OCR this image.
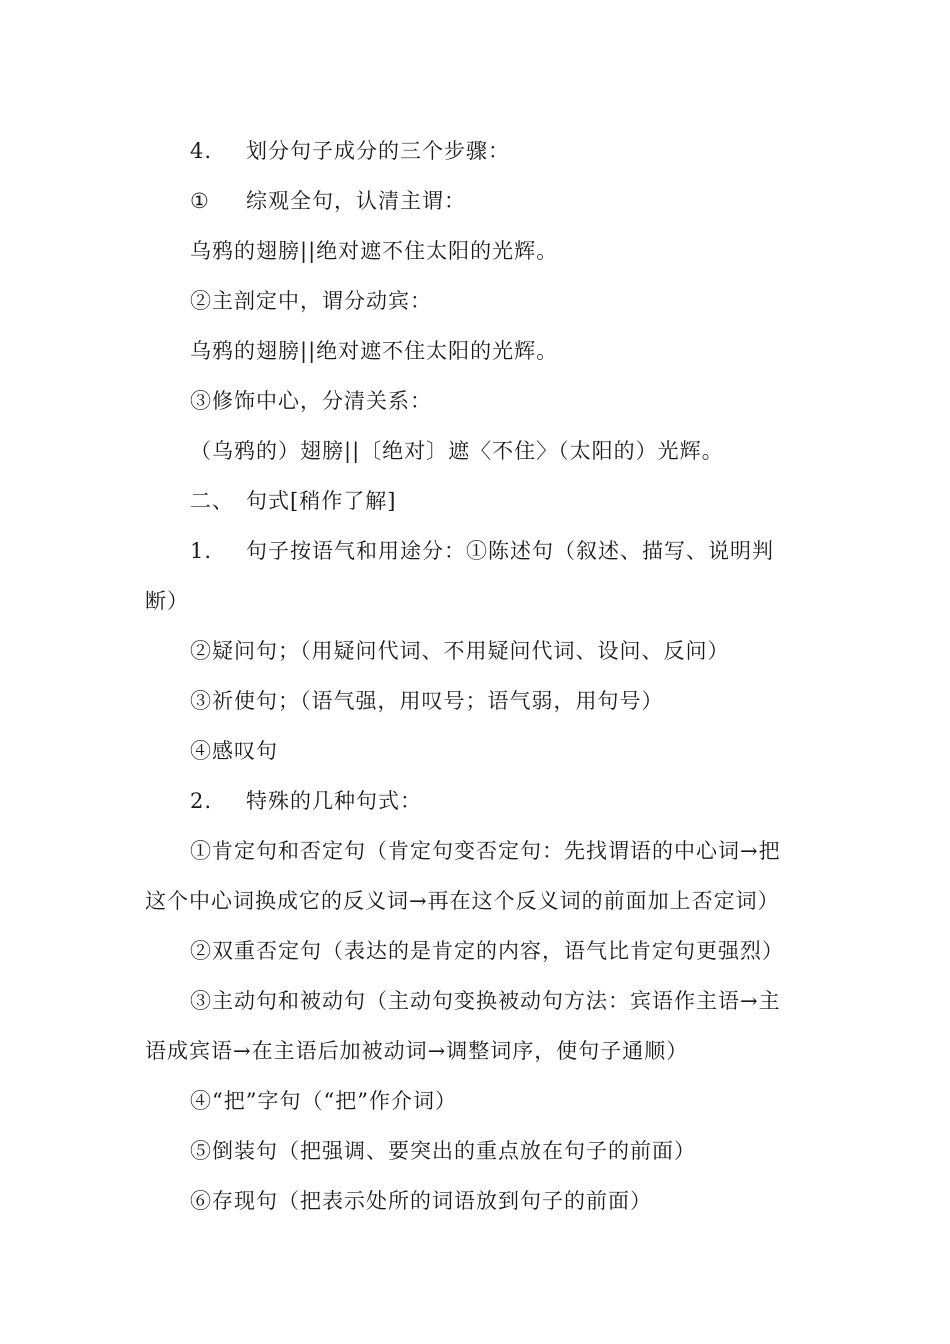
4. 划分句子成分的三个步骤：
① 综观全句，认清主谓：
乌鸦的翅膀||绝对遮不住太阳的光辉。
②主剖定中，谓分动宾：
乌鸦的翅膀||绝对遮不住太阳的光辉。
③修饰中心，分清关系：
（乌鸦的）翅膀||〔绝对〕遮〈不住〉（太阳的）光辉。
二、 句式[稍作了解]
1. 句子按语气和用途分：①陈述句（叙述、描写、说明判
断）
②疑问句；（用疑问代词、不用疑问代词、设问、反问）
③祈使句；（语气强，用叹号；语气弱，用句号）
④感叹句
2. 特殊的几种句式：
①肯定句和否定句（肯定句变否定句：先找谓语的中心词→把
这个中心词换成它的反义词→再在这个反义词的前面加上否定词）
②双重否定句（表达的是肯定的内容，语气比肯定句更强烈）
③主动句和被动句（主动句变换被动句方法：宾语作主语→主
语成宾语→在主语后加被动词→调整词序，使句子通顺）
④“把”字句（“把”作介词）
⑤倒装句（把强调、要突出的重点放在句子的前面）
⑥存现句（把表示处所的词语放到句子的前面）
